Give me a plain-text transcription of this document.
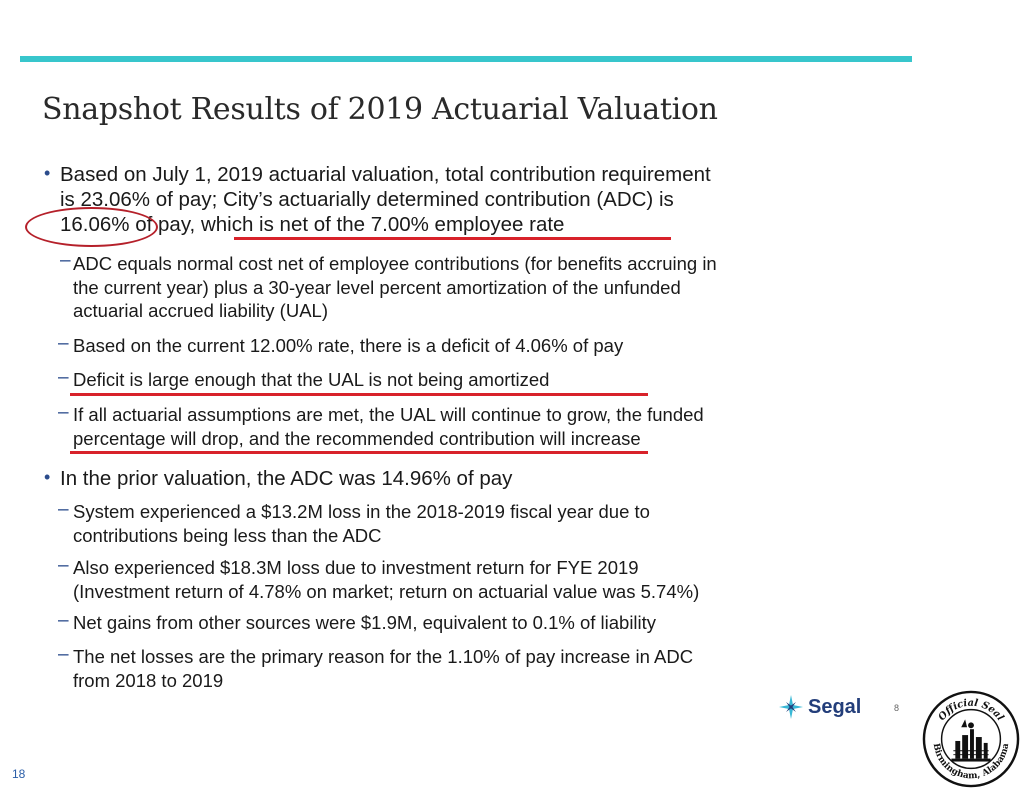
Snapshot Results of 2019 Actuarial Valuation
• Based on July 1, 2019 actuarial valuation, total contribution requirement
is 23.06% of pay; City’s actuarially determined contribution (ADC) is
16.06% of pay, which is net of the 7.00% employee rate
– ADC equals normal cost net of employee contributions (for benefits accruing in
the current year) plus a 30-year level percent amortization of the unfunded
actuarial accrued liability (UAL)
– Based on the current 12.00% rate, there is a deficit of 4.06% of pay
– Deficit is large enough that the UAL is not being amortized
– If all actuarial assumptions are met, the UAL will continue to grow, the funded
percentage will drop, and the recommended contribution will increase
• In the prior valuation, the ADC was 14.96% of pay
– System experienced a $13.2M loss in the 2018-2019 fiscal year due to
contributions being less than the ADC
– Also experienced $18.3M loss due to investment return for FYE 2019
(Investment return of 4.78% on market; return on actuarial value was 5.74%)
– Net gains from other sources were $1.9M, equivalent to 0.1% of liability
– The net losses are the primary reason for the 1.10% of pay increase in ADC
from 2018 to 2019
Segal	8
18
Official Seal
Birmingham, Alabama
